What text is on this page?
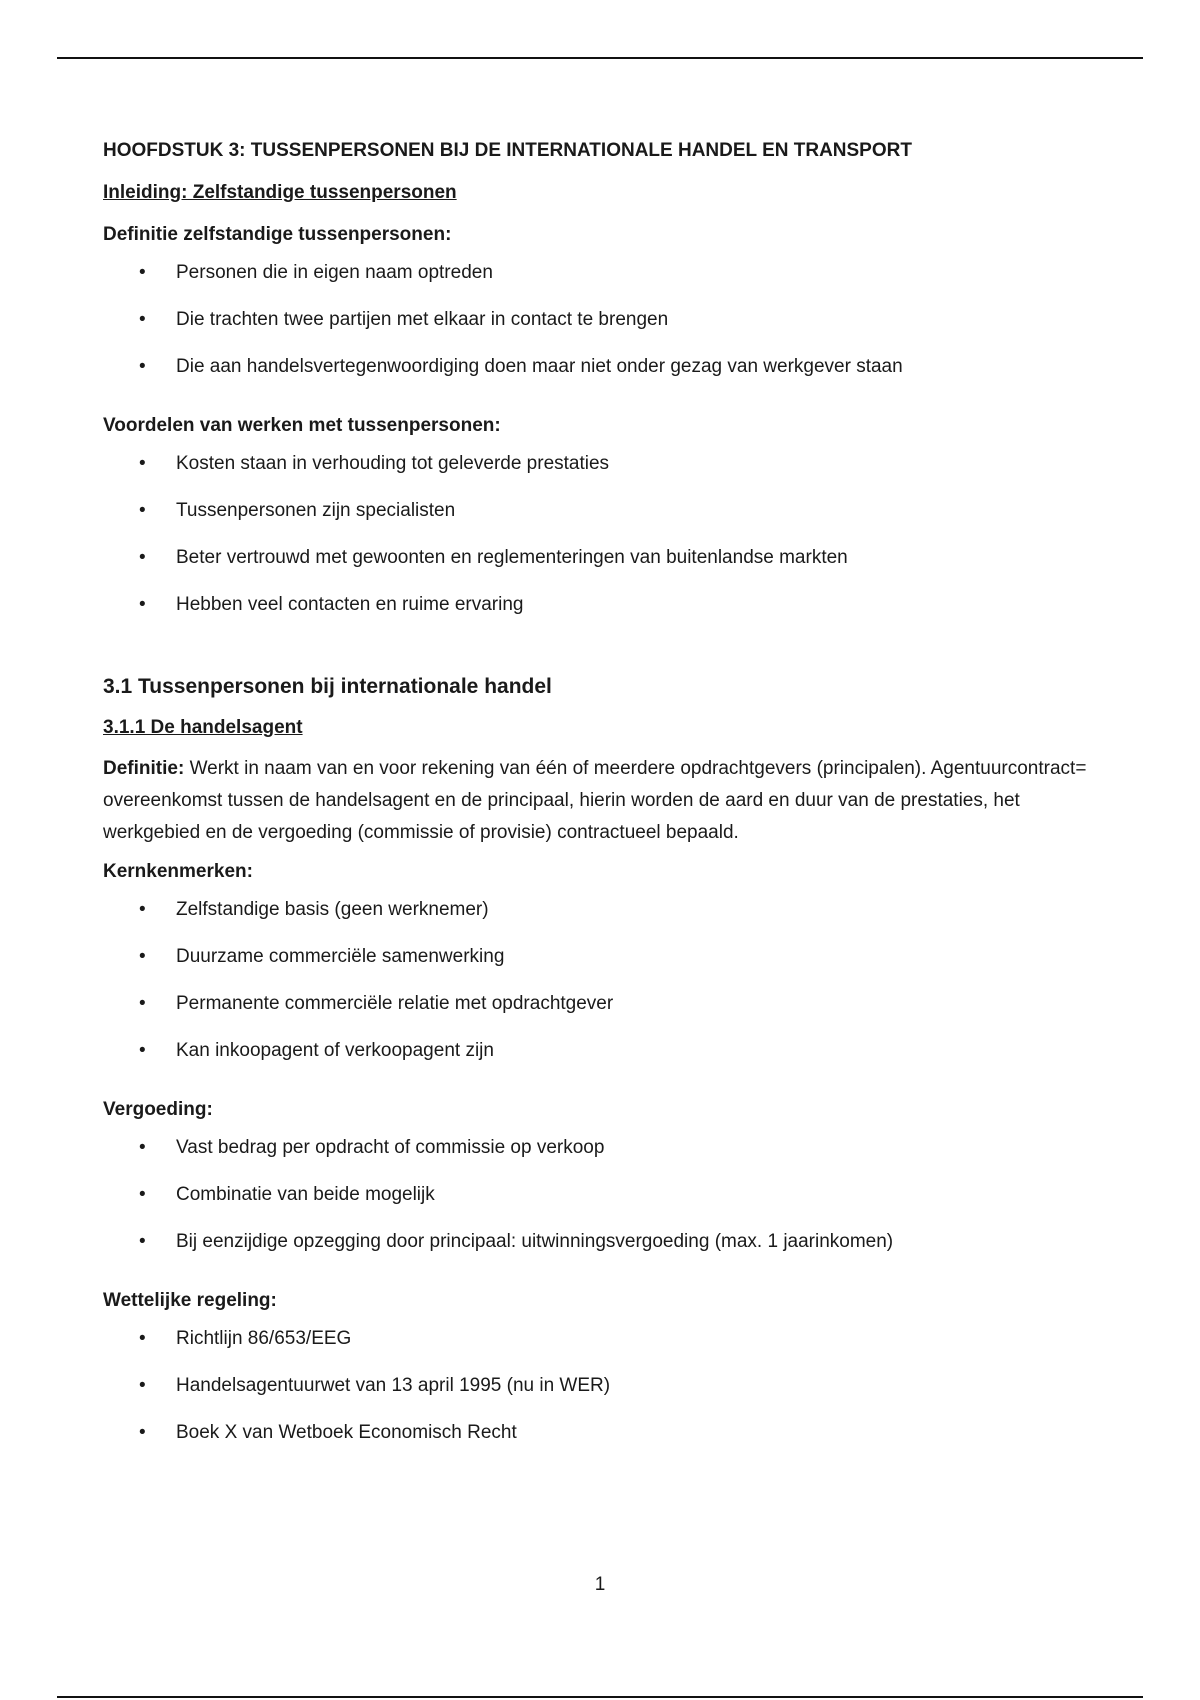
HOOFDSTUK 3: TUSSENPERSONEN BIJ DE INTERNATIONALE HANDEL EN TRANSPORT
Inleiding: Zelfstandige tussenpersonen
Definitie zelfstandige tussenpersonen:
• Personen die in eigen naam optreden
• Die trachten twee partijen met elkaar in contact te brengen
• Die aan handelsvertegenwoordiging doen maar niet onder gezag van werkgever staan
Voordelen van werken met tussenpersonen:
• Kosten staan in verhouding tot geleverde prestaties
• Tussenpersonen zijn specialisten
• Beter vertrouwd met gewoonten en reglementeringen van buitenlandse markten
• Hebben veel contacten en ruime ervaring
3.1 Tussenpersonen bij internationale handel
3.1.1 De handelsagent

Definitie: Werkt in naam van en voor rekening van één of meerdere opdrachtgevers (principalen). Agentuurcontract= overeenkomst tussen de handelsagent en de principaal, hierin worden de aard en duur van de prestaties, het werkgebied en de vergoeding (commissie of provisie) contractueel bepaald.

Kernkenmerken:
• Zelfstandige basis (geen werknemer)
• Duurzame commerciële samenwerking
• Permanente commerciële relatie met opdrachtgever
• Kan inkoopagent of verkoopagent zijn
Vergoeding:
• Vast bedrag per opdracht of commissie op verkoop
• Combinatie van beide mogelijk
• Bij eenzijdige opzegging door principaal: uitwinningsvergoeding (max. 1 jaarinkomen)
Wettelijke regeling:
• Richtlijn 86/653/EEG
• Handelsagentuurwet van 13 april 1995 (nu in WER)
• Boek X van Wetboek Economisch Recht
1
